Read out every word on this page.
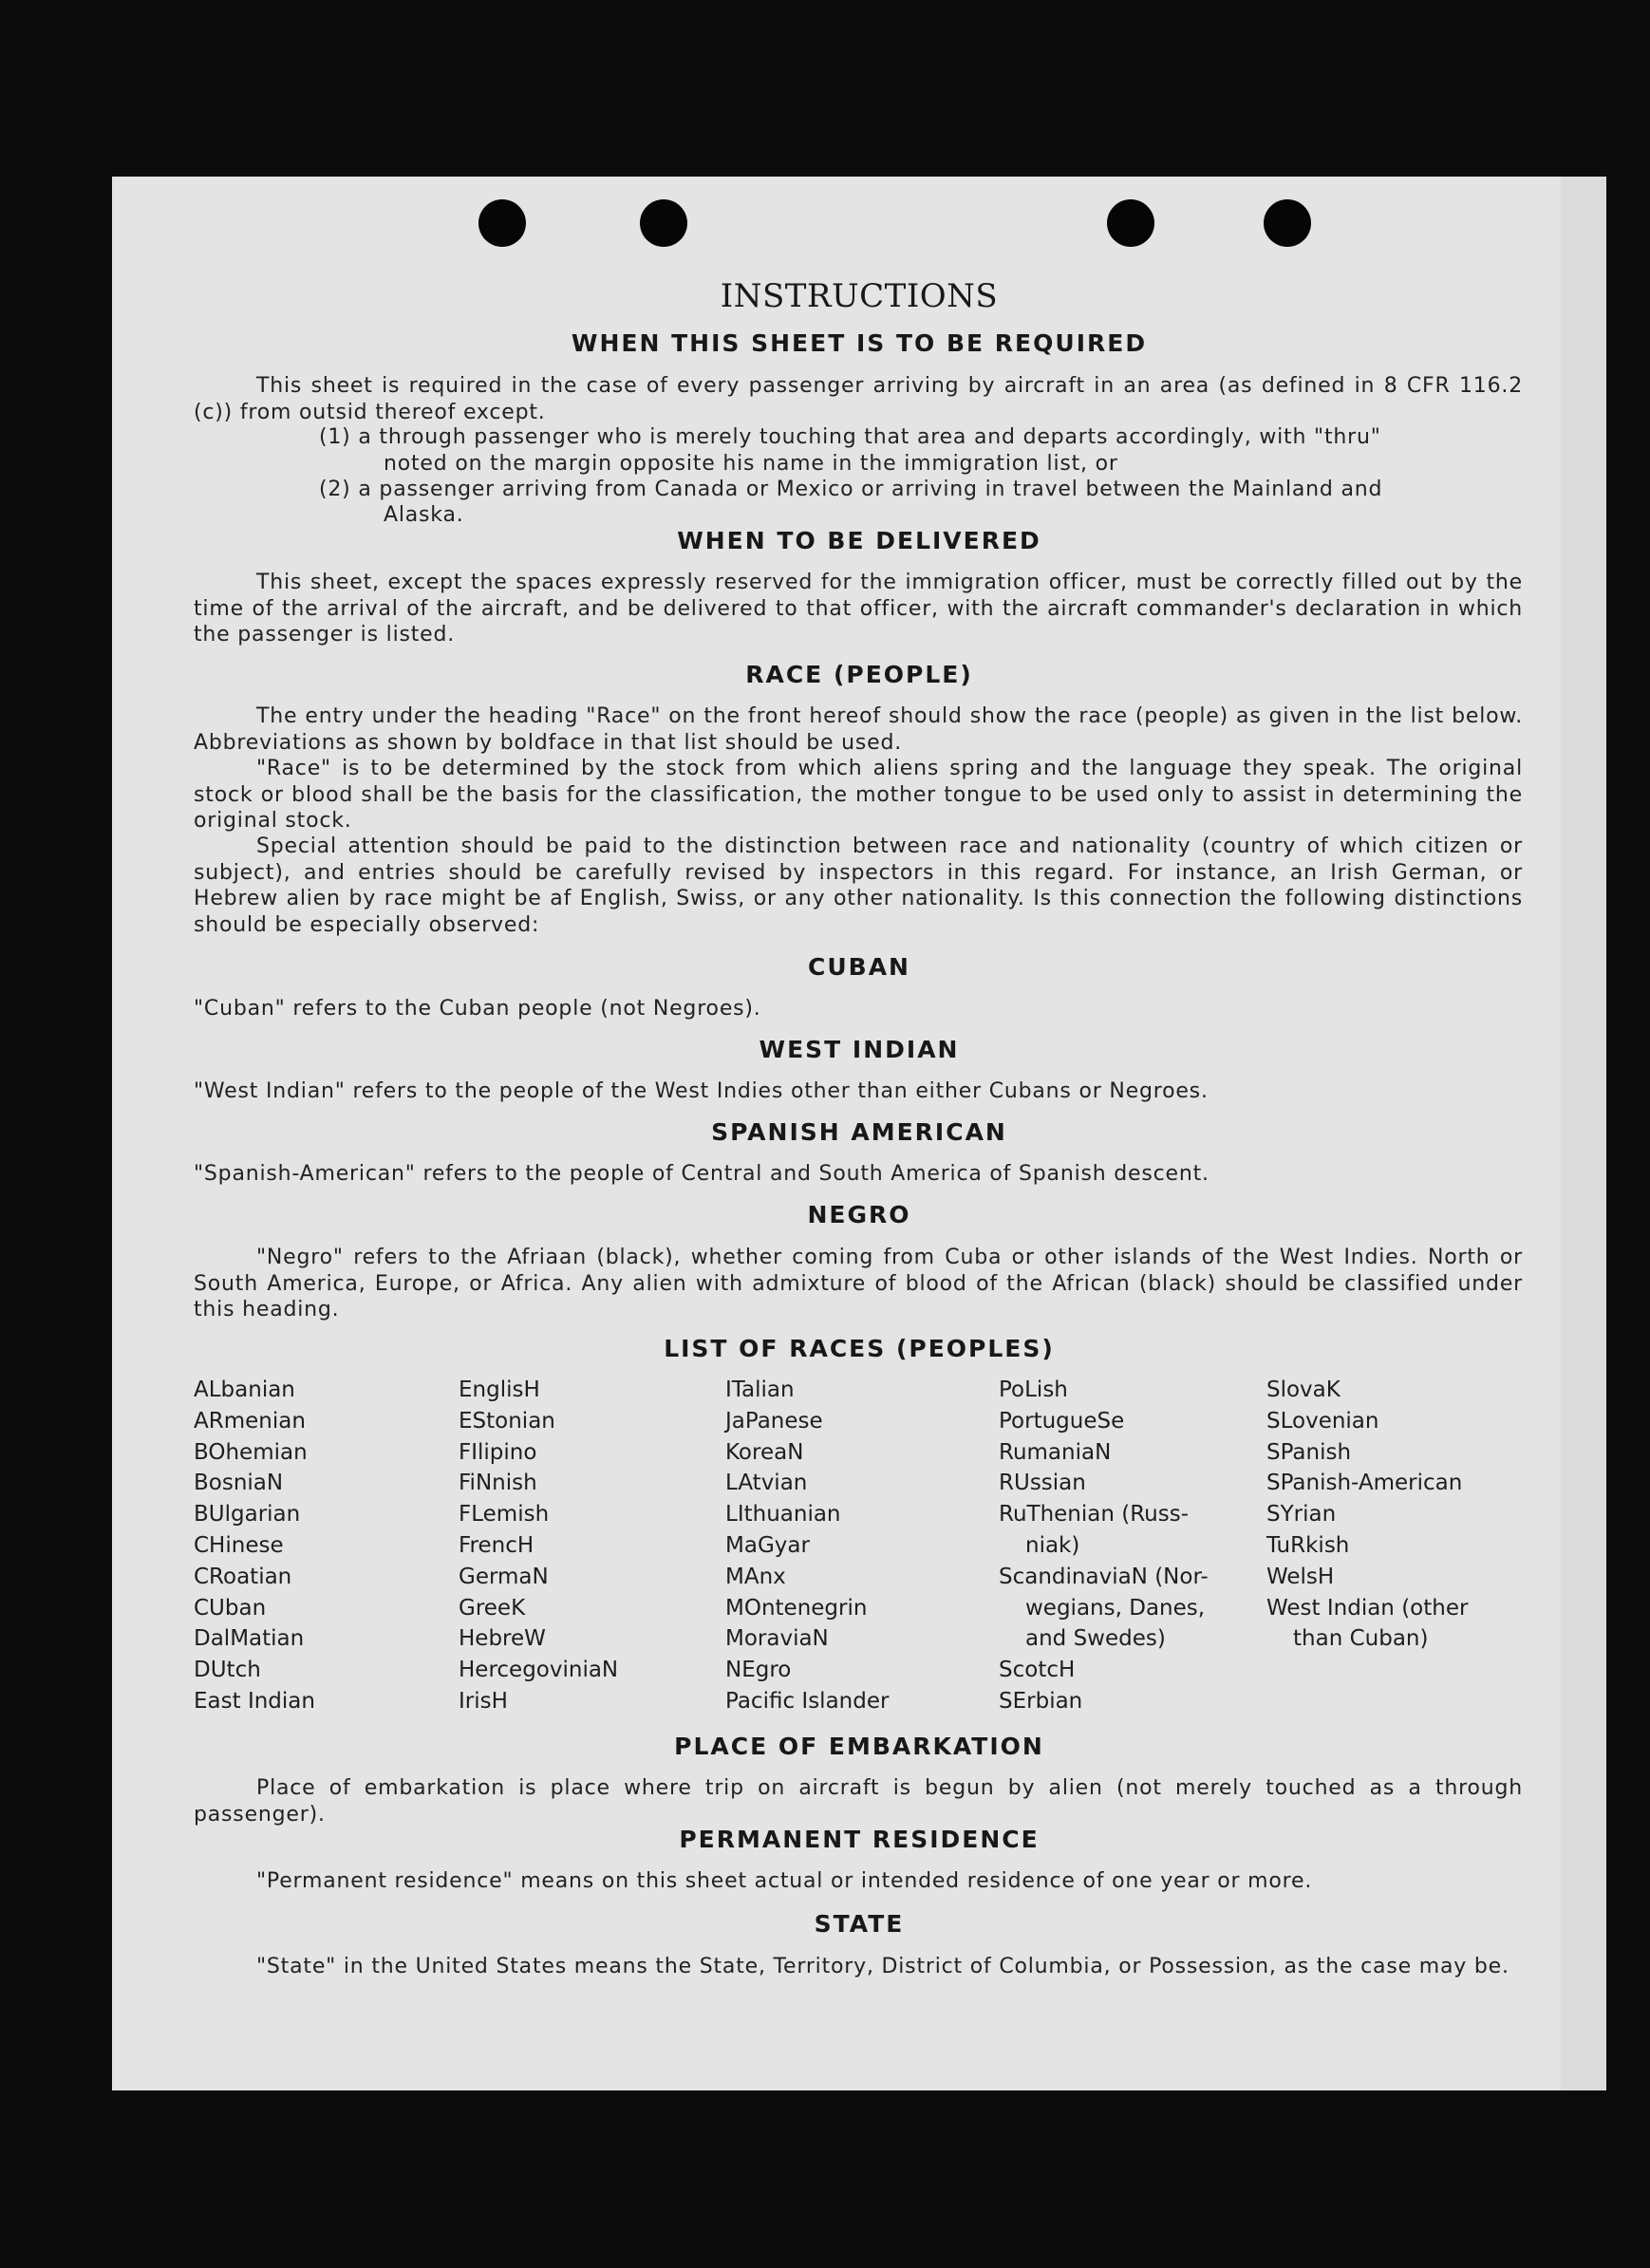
INSTRUCTIONS
WHEN THIS SHEET IS TO BE REQUIRED
This sheet is required in the case of every passenger arriving by aircraft in an area (as defined in 8 CFR 116.2 (c)) from outsid thereof except.
(1) a through passenger who is merely touching that area and departs accordingly, with "thru"
noted on the margin opposite his name in the immigration list, or
(2) a passenger arriving from Canada or Mexico or arriving in travel between the Mainland and
Alaska.
WHEN TO BE DELIVERED
This sheet, except the spaces expressly reserved for the immigration officer, must be correctly filled out by the time of the arrival of the aircraft, and be delivered to that officer, with the aircraft commander's declaration in which the passenger is listed.
RACE (PEOPLE)
The entry under the heading "Race" on the front hereof should show the race (people) as given in the list below. Abbreviations as shown by boldface in that list should be used.
"Race" is to be determined by the stock from which aliens spring and the language they speak. The original stock or blood shall be the basis for the classification, the mother tongue to be used only to assist in determining the original stock.
Special attention should be paid to the distinction between race and nationality (country of which citizen or subject), and entries should be carefully revised by inspectors in this regard. For instance, an Irish German, or Hebrew alien by race might be af English, Swiss, or any other nationality. Is this connection the following distinctions should be especially observed:
CUBAN
"Cuban" refers to the Cuban people (not Negroes).
WEST INDIAN
"West Indian" refers to the people of the West Indies other than either Cubans or Negroes.
SPANISH AMERICAN
"Spanish-American" refers to the people of Central and South America of Spanish descent.
NEGRO
"Negro" refers to the Afriaan (black), whether coming from Cuba or other islands of the West Indies. North or South America, Europe, or Africa. Any alien with admixture of blood of the African (black) should be classified under this heading.
LIST OF RACES (PEOPLES)
ALbanian
ARmenian
BOhemian
BosniaN
BUlgarian
CHinese
CRoatian
CUban
DalMatian
DUtch
East Indian
EnglisH
EStonian
FIlipino
FiNnish
FLemish
FrencH
GermaN
GreeK
HebreW
HercegoviniaN
IrisH
ITalian
JaPanese
KoreaN
LAtvian
LIthuanian
MaGyar
MAnx
MOntenegrin
MoraviaN
NEgro
Pacific Islander
PoLish
PortugueSe
RumaniaN
RUssian
RuThenian (Russ-
niak)
ScandinaviaN (Nor-
wegians, Danes,
and Swedes)
ScotcH
SErbian
SlovaK
SLovenian
SPanish
SPanish-American
SYrian
TuRkish
WelsH
West Indian (other
than Cuban)
PLACE OF EMBARKATION
Place of embarkation is place where trip on aircraft is begun by alien (not merely touched as a through passenger).
PERMANENT RESIDENCE
"Permanent residence" means on this sheet actual or intended residence of one year or more.
STATE
"State" in the United States means the State, Territory, District of Columbia, or Possession, as the case may be.
